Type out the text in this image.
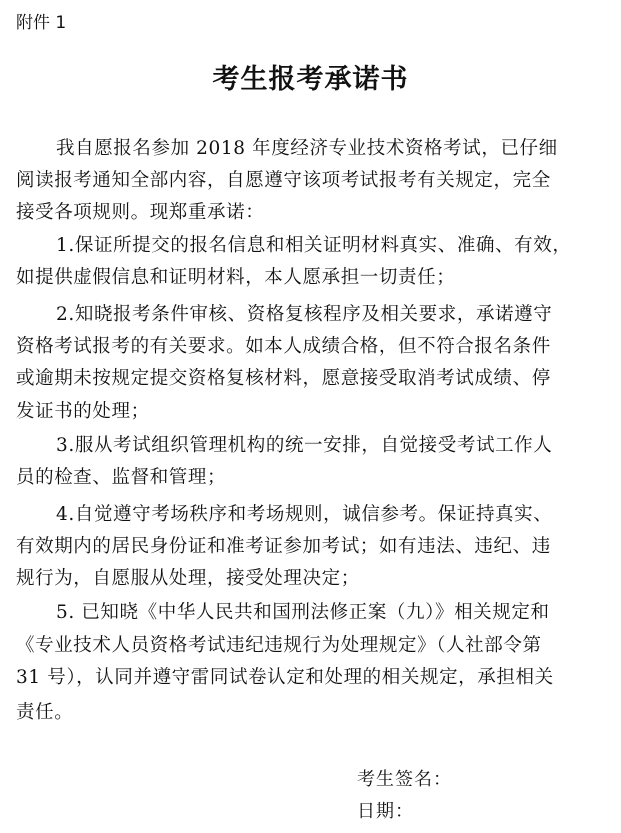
附件 1
考生报考承诺书
我自愿报名参加 2018 年度经济专业技术资格考试，已仔细
阅读报考通知全部内容，自愿遵守该项考试报考有关规定，完全
接受各项规则。现郑重承诺：
1.保证所提交的报名信息和相关证明材料真实、准确、有效，
如提供虚假信息和证明材料，本人愿承担一切责任；
2.知晓报考条件审核、资格复核程序及相关要求，承诺遵守
资格考试报考的有关要求。如本人成绩合格，但不符合报名条件
或逾期未按规定提交资格复核材料，愿意接受取消考试成绩、停
发证书的处理；
3.服从考试组织管理机构的统一安排，自觉接受考试工作人
员的检查、监督和管理；
4.自觉遵守考场秩序和考场规则，诚信参考。保证持真实、
有效期内的居民身份证和准考证参加考试；如有违法、违纪、违
规行为，自愿服从处理，接受处理决定；
5. 已知晓《中华人民共和国刑法修正案（九）》相关规定和
《专业技术人员资格考试违纪违规行为处理规定》（人社部令第
31 号），认同并遵守雷同试卷认定和处理的相关规定，承担相关
责任。
考生签名：
日期：
